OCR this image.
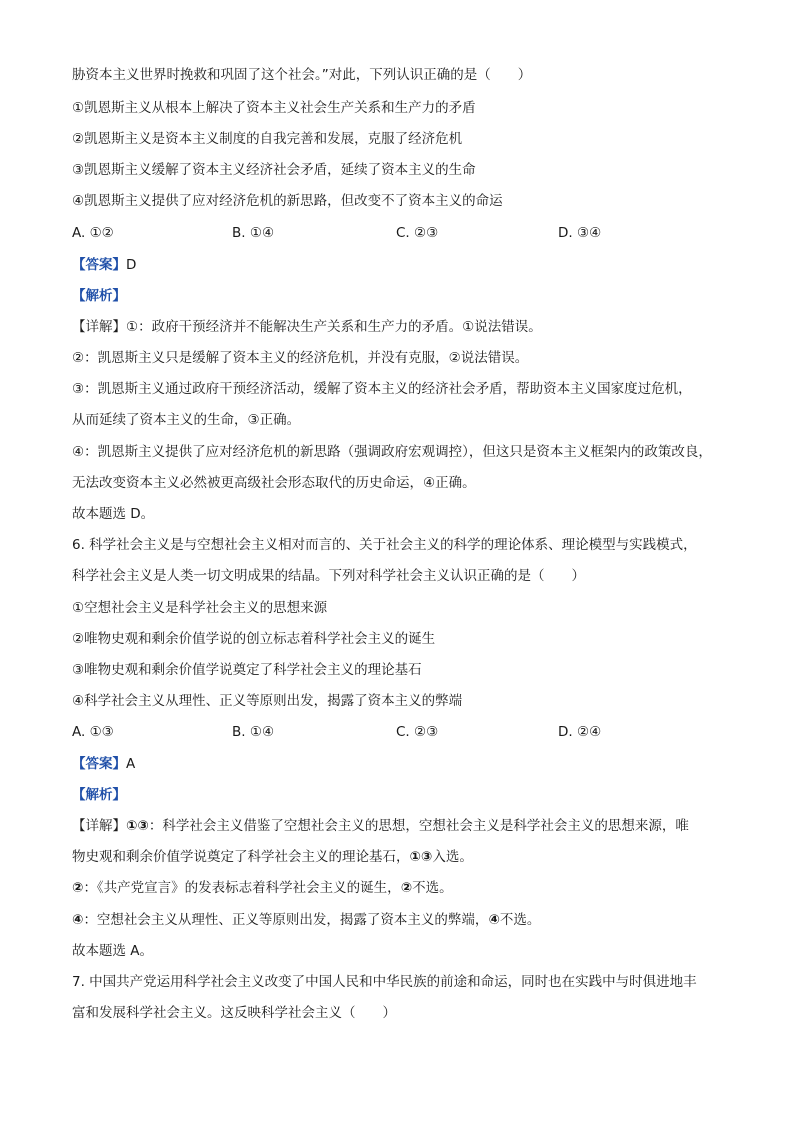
胁资本主义世界时挽救和巩固了这个社会。”对此，下列认识正确的是（　　）
①凯恩斯主义从根本上解决了资本主义社会生产关系和生产力的矛盾
②凯恩斯主义是资本主义制度的自我完善和发展，克服了经济危机
③凯恩斯主义缓解了资本主义经济社会矛盾，延续了资本主义的生命
④凯恩斯主义提供了应对经济危机的新思路，但改变不了资本主义的命运
A. ①②	B. ①④	C. ②③	D. ③④
【答案】D
【解析】
【详解】①：政府干预经济并不能解决生产关系和生产力的矛盾。①说法错误。
②：凯恩斯主义只是缓解了资本主义的经济危机，并没有克服，②说法错误。
③：凯恩斯主义通过政府干预经济活动，缓解了资本主义的经济社会矛盾，帮助资本主义国家度过危机，
从而延续了资本主义的生命，③正确。
④：凯恩斯主义提供了应对经济危机的新思路（强调政府宏观调控），但这只是资本主义框架内的政策改良，
无法改变资本主义必然被更高级社会形态取代的历史命运，④正确。
故本题选 D。
6. 科学社会主义是与空想社会主义相对而言的、关于社会主义的科学的理论体系、理论模型与实践模式，
科学社会主义是人类一切文明成果的结晶。下列对科学社会主义认识正确的是（　　）
①空想社会主义是科学社会主义的思想来源
②唯物史观和剩余价值学说的创立标志着科学社会主义的诞生
③唯物史观和剩余价值学说奠定了科学社会主义的理论基石
④科学社会主义从理性、正义等原则出发，揭露了资本主义的弊端
A. ①③	B. ①④	C. ②③	D. ②④
【答案】A
【解析】
【详解】①③：科学社会主义借鉴了空想社会主义的思想，空想社会主义是科学社会主义的思想来源，唯
物史观和剩余价值学说奠定了科学社会主义的理论基石，①③入选。
②：《共产党宣言》的发表标志着科学社会主义的诞生，②不选。
④：空想社会主义从理性、正义等原则出发，揭露了资本主义的弊端，④不选。
故本题选 A。
7. 中国共产党运用科学社会主义改变了中国人民和中华民族的前途和命运，同时也在实践中与时俱进地丰
富和发展科学社会主义。这反映科学社会主义（　　）
